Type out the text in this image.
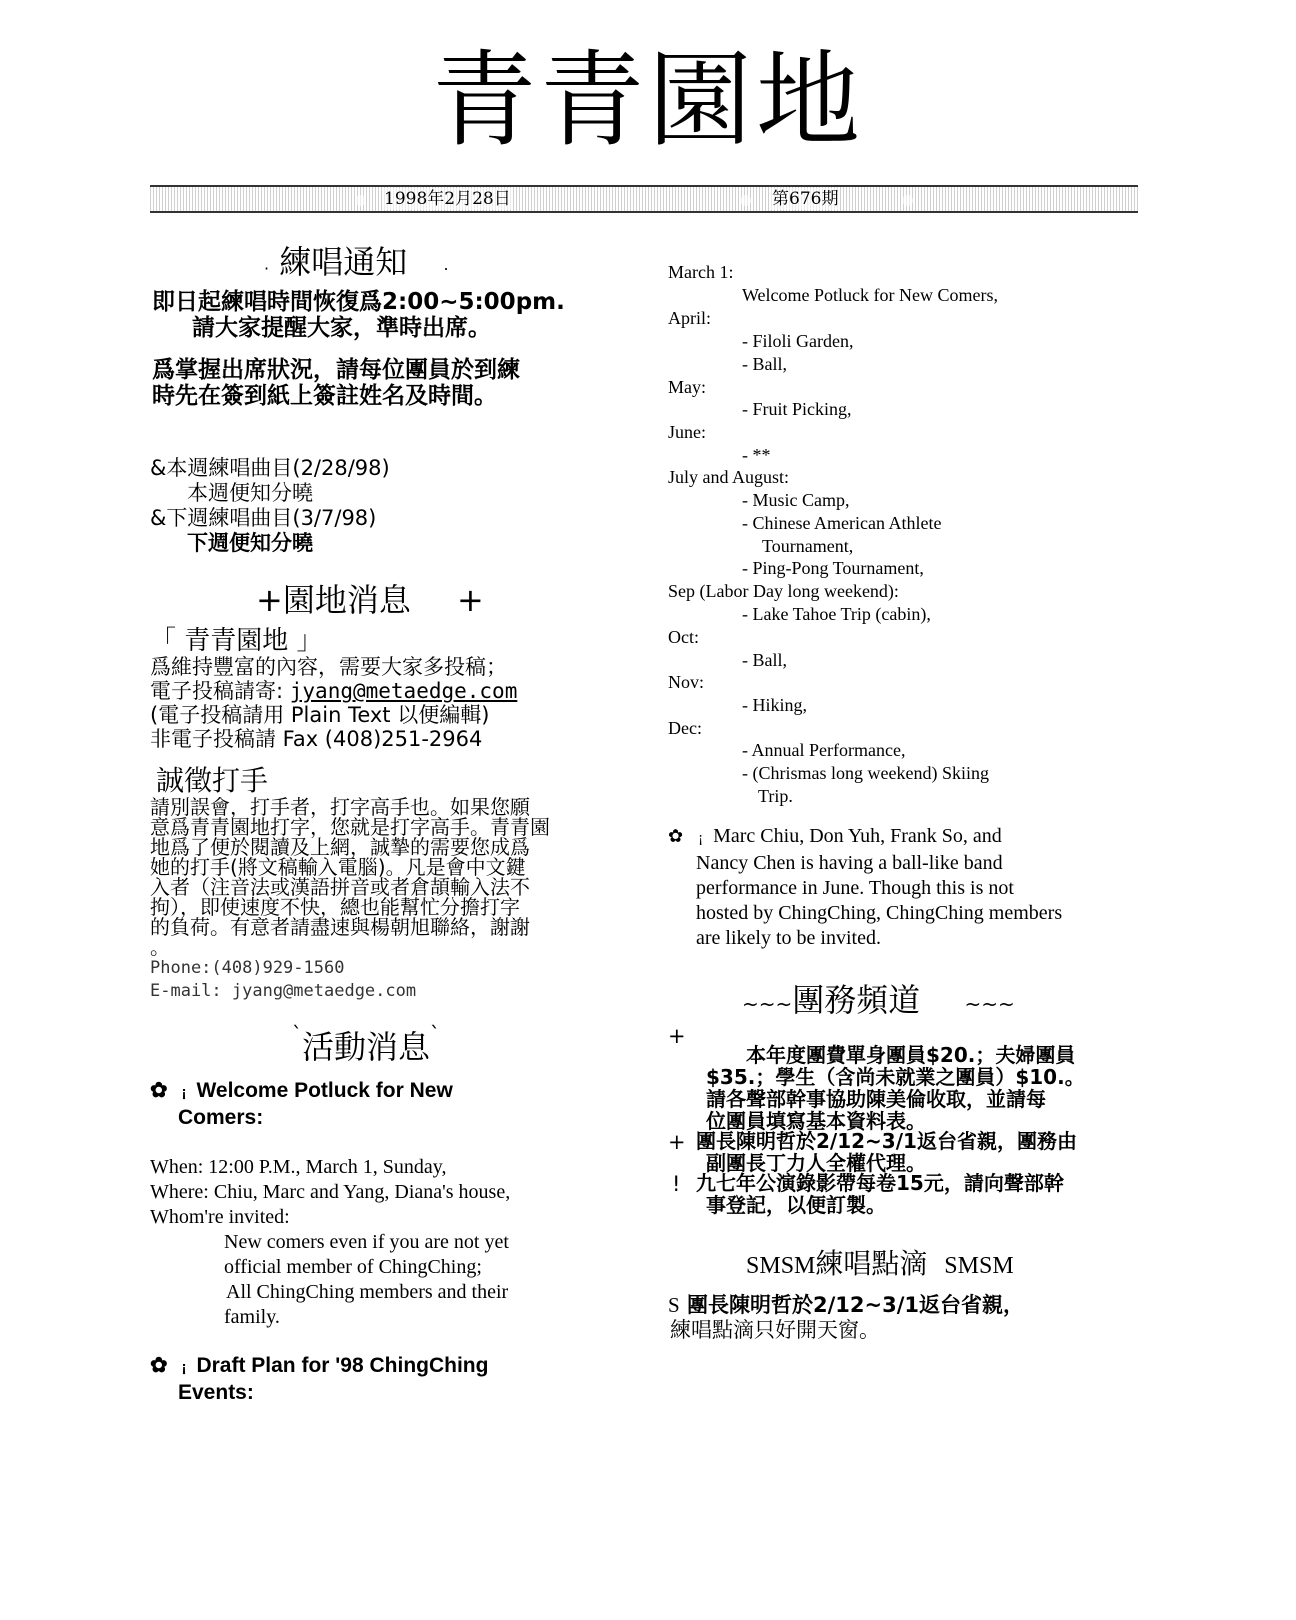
青青園地
1998年2月28日	第676期
. 練唱通知 .
即日起練唱時間恢復爲2:00~5:00pm.
請大家提醒大家，準時出席。
爲掌握出席狀況，請每位團員於到練
時先在簽到紙上簽註姓名及時間。
&本週練唱曲目(2/28/98)
本週便知分曉
&下週練唱曲目(3/7/98)
下週便知分曉
+園地消息 +
「 青青園地 」
爲維持豐富的內容，需要大家多投稿；
電子投稿請寄: jyang@metaedge.com
(電子投稿請用 Plain Text 以便編輯)
非電子投稿請 Fax (408)251-2964
誠徵打手
請別誤會，打手者，打字高手也。如果您願
意爲青青園地打字，您就是打字高手。青青園
地爲了便於閱讀及上網，誠摯的需要您成爲
她的打手(將文稿輸入電腦)。凡是會中文鍵
入者（注音法或漢語拼音或者倉頡輸入法不
拘），即使速度不快，總也能幫忙分擔打字
的負荷。有意者請盡速與楊朝旭聯絡，謝謝
。
Phone:(408)929-1560
E-mail: jyang@metaedge.com
`活動消息`
✿ ¡ Welcome Potluck for New
Comers:
When: 12:00 P.M., March 1, Sunday,
Where: Chiu, Marc and Yang, Diana's house,
Whom're invited:
New comers even if you are not yet
official member of ChingChing;
All ChingChing members and their
family.
✿ ¡ Draft Plan for '98 ChingChing
Events:
March 1:
Welcome Potluck for New Comers,
April:
- Filoli Garden,
- Ball,
May:
- Fruit Picking,
June:
- **
July and August:
- Music Camp,
- Chinese American Athlete
Tournament,
- Ping-Pong Tournament,
Sep (Labor Day long weekend):
- Lake Tahoe Trip (cabin),
Oct:
- Ball,
Nov:
- Hiking,
Dec:
- Annual Performance,
- (Chrismas long weekend) Skiing
Trip.
✿ ¡ Marc Chiu, Don Yuh, Frank So, and
Nancy Chen is having a ball-like band
performance in June. Though this is not
hosted by ChingChing, ChingChing members
are likely to be invited.
~~~團務頻道 ~~~
+
本年度團費單身團員$20.；夫婦團員
$35.；學生（含尚未就業之團員）$10.。
請各聲部幹事協助陳美倫收取，並請每
位團員填寫基本資料表。
+ 團長陳明哲於2/12~3/1返台省親，團務由
副團長丁力人全權代理。
! 九七年公演錄影帶每卷15元，請向聲部幹
事登記，以便訂製。
SMSM練唱點滴 SMSM
S 團長陳明哲於2/12~3/1返台省親，
練唱點滴只好開天窗。
